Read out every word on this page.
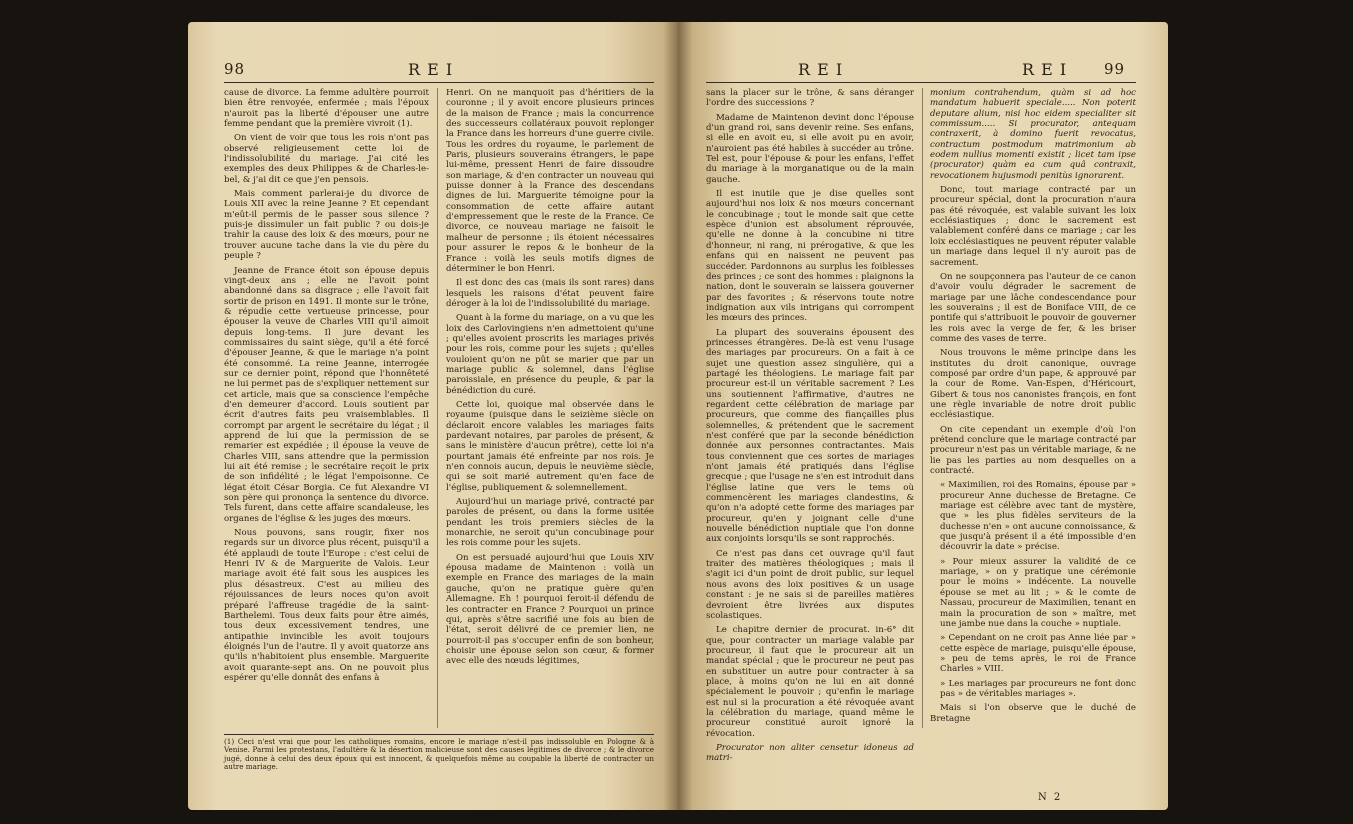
98	R E I

cause de divorce. La femme adultère pourroit bien être renvoyée, enfermée ; mais l'époux n'auroit pas la liberté d'épouser une autre femme pendant que la première vivroit (1).

On vient de voir que tous les rois n'ont pas observé religieusement cette loi de l'indissolubilité du mariage. J'ai cité les exemples des deux Philippes & de Charles-le-bel, & j'ai dit ce que j'en pensois.

Mais comment parlerai-je du divorce de Louis XII avec la reine Jeanne ? Et cependant m'eût-il permis de le passer sous silence ? puis-je dissimuler un fait public ? ou dois-je trahir la cause des loix & des mœurs, pour ne trouver aucune tache dans la vie du père du peuple ?

Jeanne de France étoit son épouse depuis vingt-deux ans ; elle ne l'avoit point abandonné dans sa disgrace ; elle l'avoit fait sortir de prison en 1491. Il monte sur le trône, & répudie cette vertueuse princesse, pour épouser la veuve de Charles VIII qu'il aimoit depuis long-tems. Il jure devant les commissaires du saint siège, qu'il a été forcé d'épouser Jeanne, & que le mariage n'a point été consommé. La reine Jeanne, interrogée sur ce dernier point, répond que l'honnêteté ne lui permet pas de s'expliquer nettement sur cet article, mais que sa conscience l'empêche d'en demeurer d'accord. Louis soutient par écrit d'autres faits peu vraisemblables. Il corrompt par argent le secrétaire du légat ; il apprend de lui que la permission de se remarier est expédiée ; il épouse la veuve de Charles VIII, sans attendre que la permission lui ait été remise ; le secrétaire reçoit le prix de son infidélité ; le légat l'empoisonne. Ce légat étoit César Borgia. Ce fut Alexandre VI son père qui prononça la sentence du divorce. Tels furent, dans cette affaire scandaleuse, les organes de l'église & les juges des mœurs.

Nous pouvons, sans rougir, fixer nos regards sur un divorce plus récent, puisqu'il a été applaudi de toute l'Europe : c'est celui de Henri IV & de Marguerite de Valois. Leur mariage avoit été fait sous les auspices les plus désastreux. C'est au milieu des réjouissances de leurs noces qu'on avoit préparé l'affreuse tragédie de la saint-Barthelemi. Tous deux faits pour être aimés, tous deux excessivement tendres, une antipathie invincible les avoit toujours éloignés l'un de l'autre. Il y avoit quatorze ans qu'ils n'habitoient plus ensemble. Marguerite avoit quarante-sept ans. On ne pouvoit plus espérer qu'elle donnât des enfans à

Henri. On ne manquoit pas d'héritiers de la couronne ; il y avoit encore plusieurs princes de la maison de France ; mais la concurrence des successeurs collatéraux pouvoit replonger la France dans les horreurs d'une guerre civile. Tous les ordres du royaume, le parlement de Paris, plusieurs souverains étrangers, le pape lui-même, pressent Henri de faire dissoudre son mariage, & d'en contracter un nouveau qui puisse donner à la France des descendans dignes de lui. Marguerite témoigne pour la consommation de cette affaire autant d'empressement que le reste de la France. Ce divorce, ce nouveau mariage ne faisoit le malheur de personne ; ils étoient nécessaires pour assurer le repos & le bonheur de la France : voilà les seuls motifs dignes de déterminer le bon Henri.

Il est donc des cas (mais ils sont rares) dans lesquels les raisons d'état peuvent faire déroger à la loi de l'indissolubilité du mariage.

Quant à la forme du mariage, on a vu que les loix des Carlovingiens n'en admettoient qu'une ; qu'elles avoient proscrits les mariages privés pour les rois, comme pour les sujets ; qu'elles vouloient qu'on ne pût se marier que par un mariage public & solemnel, dans l'église paroissiale, en présence du peuple, & par la bénédiction du curé.

Cette loi, quoique mal observée dans le royaume (puisque dans le seizième siècle on déclaroit encore valables les mariages faits pardevant notaires, par paroles de présent, & sans le ministère d'aucun prêtre), cette loi n'a pourtant jamais été enfreinte par nos rois. Je n'en connois aucun, depuis le neuvième siècle, qui se soit marié autrement qu'en face de l'église, publiquement & solemnellement.

Aujourd'hui un mariage privé, contracté par paroles de présent, ou dans la forme usitée pendant les trois premiers siècles de la monarchie, ne seroit qu'un concubinage pour les rois comme pour les sujets.

On est persuadé aujourd'hui que Louis XIV épousa madame de Maintenon : voilà un exemple en France des mariages de la main gauche, qu'on ne pratique guère qu'en Allemagne. Eh ! pourquoi feroit-il défendu de les contracter en France ? Pourquoi un prince qui, après s'être sacrifié une fois au bien de l'état, seroit délivré de ce premier lien, ne pourroit-il pas s'occuper enfin de son bonheur, choisir une épouse selon son cœur, & former avec elle des nœuds légitimes,

(1) Ceci n'est vrai que pour les catholiques romains, encore le mariage n'est-il pas indissoluble en Pologne & à Venise. Parmi les protestans, l'adultère & la désertion malicieuse sont des causes légitimes de divorce ; & le divorce jugé, donne à celui des deux époux qui est innocent, & quelquefois même au coupable la liberté de contracter un autre mariage.
R E I	R E I 99

sans la placer sur le trône, & sans déranger l'ordre des successions ?

Madame de Maintenon devint donc l'épouse d'un grand roi, sans devenir reine. Ses enfans, si elle en avoit eu, si elle avoit pu en avoir, n'auroient pas été habiles à succéder au trône. Tel est, pour l'épouse & pour les enfans, l'effet du mariage à la morganatique ou de la main gauche.

Il est inutile que je dise quelles sont aujourd'hui nos loix & nos mœurs concernant le concubinage ; tout le monde sait que cette espèce d'union est absolument réprouvée, qu'elle ne donne à la concubine ni titre d'honneur, ni rang, ni prérogative, & que les enfans qui en naissent ne peuvent pas succéder. Pardonnons au surplus les foiblesses des princes ; ce sont des hommes : plaignons la nation, dont le souverain se laissera gouverner par des favorites ; & réservons toute notre indignation aux vils intrigans qui corrompent les mœurs des princes.

La plupart des souverains épousent des princesses étrangères. De-là est venu l'usage des mariages par procureurs. On a fait à ce sujet une question assez singulière, qui a partagé les théologiens. Le mariage fait par procureur est-il un véritable sacrement ? Les uns soutiennent l'affirmative, d'autres ne regardent cette célébration de mariage par procureurs, que comme des fiançailles plus solemnelles, & prétendent que le sacrement n'est conféré que par la seconde bénédiction donnée aux personnes contractantes. Mais tous conviennent que ces sortes de mariages n'ont jamais été pratiqués dans l'église grecque ; que l'usage ne s'en est introduit dans l'église latine que vers le tems où commencèrent les mariages clandestins, & qu'on n'a adopté cette forme des mariages par procureur, qu'en y joignant celle d'une nouvelle bénédiction nuptiale que l'on donne aux conjoints lorsqu'ils se sont rapprochés.

Ce n'est pas dans cet ouvrage qu'il faut traiter des matières théologiques ; mais il s'agit ici d'un point de droit public, sur lequel nous avons des loix positives & un usage constant : je ne sais si de pareilles matières devroient être livrées aux disputes scolastiques.

Le chapitre dernier de procurat. in-6° dit que, pour contracter un mariage valable par procureur, il faut que le procureur ait un mandat spécial ; que le procureur ne peut pas en substituer un autre pour contracter à sa place, à moins qu'on ne lui en ait donné spécialement le pouvoir ; qu'enfin le mariage est nul si la procuration a été révoquée avant la célébration du mariage, quand même le procureur constitué auroit ignoré la révocation.

Procurator non aliter censetur idoneus ad matri-

monium contrahendum, quàm si ad hoc mandatum habuerit speciale..... Non poterit deputare alium, nisi hoc eidem specialiter sit commissum..... Si procurator, antequam contraxerit, à domino fuerit revocatus, contractum postmodum matrimonium ab eodem nullius momenti existit ; licet tam ipse (procurator) quàm ea cum quâ contraxit, revocationem hujusmodi penitùs ignorarent.

Donc, tout mariage contracté par un procureur spécial, dont la procuration n'aura pas été révoquée, est valable suivant les loix ecclésiastiques ; donc le sacrement est valablement conféré dans ce mariage ; car les loix ecclésiastiques ne peuvent réputer valable un mariage dans lequel il n'y auroit pas de sacrement.

On ne soupçonnera pas l'auteur de ce canon d'avoir voulu dégrader le sacrement de mariage par une lâche condescendance pour les souverains ; il est de Boniface VIII, de ce pontife qui s'attribuoit le pouvoir de gouverner les rois avec la verge de fer, & les briser comme des vases de terre.

Nous trouvons le même principe dans les institutes du droit canonique, ouvrage composé par ordre d'un pape, & approuvé par la cour de Rome. Van-Espen, d'Héricourt, Gibert & tous nos canonistes françois, en font une règle invariable de notre droit public ecclésiastique.

On cite cependant un exemple d'où l'on prétend conclure que le mariage contracté par procureur n'est pas un véritable mariage, & ne lie pas les parties au nom desquelles on a contracté.

« Maximilien, roi des Romains, épouse par » procureur Anne duchesse de Bretagne. Ce mariage est célèbre avec tant de mystère, que » les plus fidèles serviteurs de la duchesse n'en » ont aucune connoissance, & que jusqu'à présent il a été impossible d'en découvrir la date » précise.

» Pour mieux assurer la validité de ce mariage, » on y pratique une cérémonie pour le moins » indécente. La nouvelle épouse se met au lit ; » & le comte de Nassau, procureur de Maximilien, tenant en main la procuration de son » maître, met une jambe nue dans la couche » nuptiale.

» Cependant on ne croit pas Anne liée par » cette espèce de mariage, puisqu'elle épouse, » peu de tems après, le roi de France Charles » VIII.

» Les mariages par procureurs ne font donc pas » de véritables mariages ».

Mais si l'on observe que le duché de Bretagne

N 2
